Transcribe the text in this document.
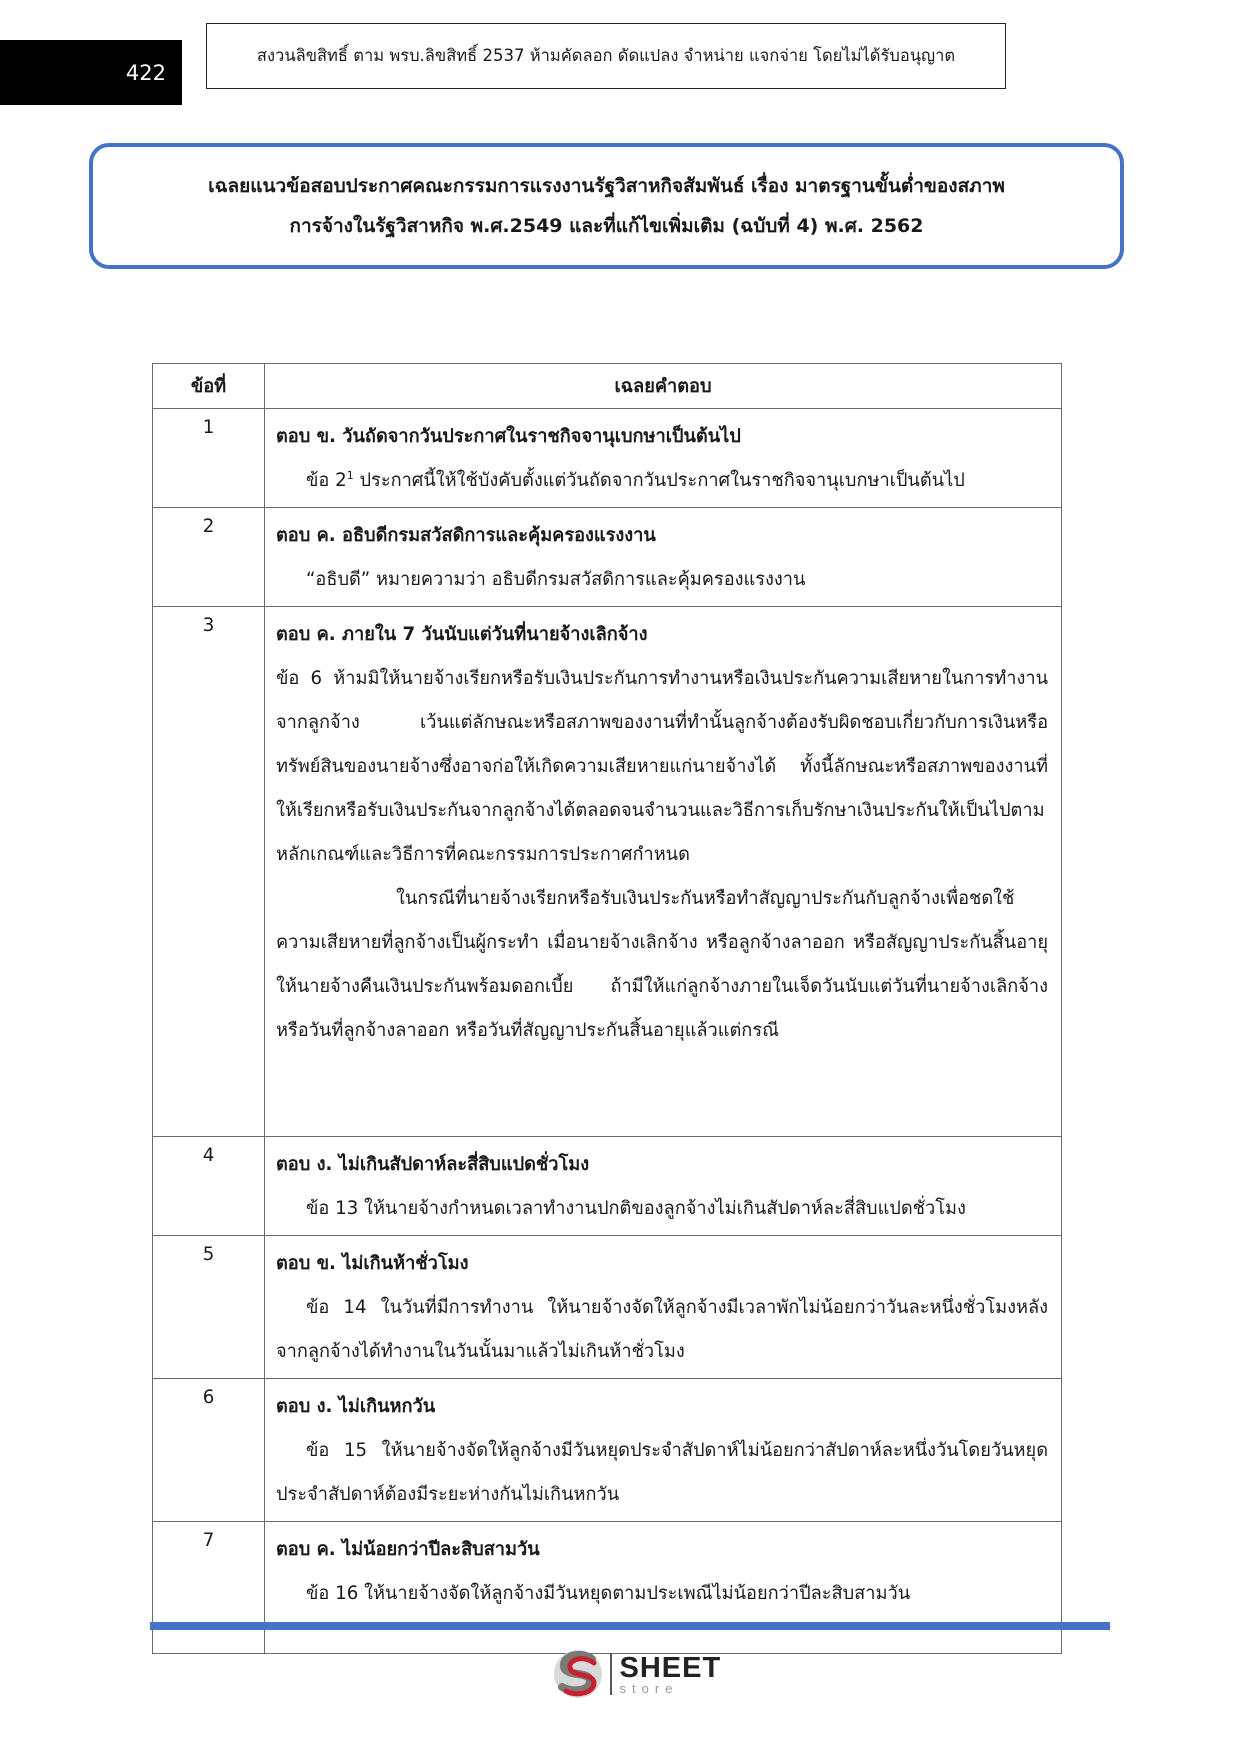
422
สงวนลิขสิทธิ์ ตาม พรบ.ลิขสิทธิ์ 2537 ห้ามคัดลอก ดัดแปลง จำหน่าย แจกจ่าย โดยไม่ได้รับอนุญาต
เฉลยแนวข้อสอบประกาศคณะกรรมการแรงงานรัฐวิสาหกิจสัมพันธ์ เรื่อง มาตรฐานขั้นต่ำของสภาพ
การจ้างในรัฐวิสาหกิจ พ.ศ.2549 และที่แก้ไขเพิ่มเติม (ฉบับที่ 4) พ.ศ. 2562
ข้อที่	เฉลยคำตอบ
1	ตอบ ข. วันถัดจากวันประกาศในราชกิจจานุเบกษาเป็นต้นไป
ข้อ $2^1$ ประกาศนี้ให้ใช้บังคับตั้งแต่วันถัดจากวันประกาศในราชกิจจานุเบกษาเป็นต้นไป

2	ตอบ ค. อธิบดีกรมสวัสดิการและคุ้มครองแรงงาน
“อธิบดี” หมายความว่า อธิบดีกรมสวัสดิการและคุ้มครองแรงงาน

3	ตอบ ค. ภายใน 7 วันนับแต่วันที่นายจ้างเลิกจ้าง
ข้อ 6 ห้ามมิให้นายจ้างเรียกหรือรับเงินประกันการทำงานหรือเงินประกันความเสียหายในการทำงานจากลูกจ้าง เว้นแต่ลักษณะหรือสภาพของงานที่ทำนั้นลูกจ้างต้องรับผิดชอบเกี่ยวกับการเงินหรือทรัพย์สินของนายจ้างซึ่งอาจก่อให้เกิดความเสียหายแก่นายจ้างได้ ทั้งนี้ลักษณะหรือสภาพของงานที่ให้เรียกหรือรับเงินประกันจากลูกจ้างได้ตลอดจนจำนวนและวิธีการเก็บรักษาเงินประกันให้เป็นไปตามหลักเกณฑ์และวิธีการที่คณะกรรมการประกาศกำหนด
ในกรณีที่นายจ้างเรียกหรือรับเงินประกันหรือทำสัญญาประกันกับลูกจ้างเพื่อชดใช้ความเสียหายที่ลูกจ้างเป็นผู้กระทำ เมื่อนายจ้างเลิกจ้าง หรือลูกจ้างลาออก หรือสัญญาประกันสิ้นอายุ ให้นายจ้างคืนเงินประกันพร้อมดอกเบี้ย ถ้ามีให้แก่ลูกจ้างภายในเจ็ดวันนับแต่วันที่นายจ้างเลิกจ้าง หรือวันที่ลูกจ้างลาออก หรือวันที่สัญญาประกันสิ้นอายุแล้วแต่กรณี

4	ตอบ ง. ไม่เกินสัปดาห์ละสี่สิบแปดชั่วโมง
ข้อ 13 ให้นายจ้างกำหนดเวลาทำงานปกติของลูกจ้างไม่เกินสัปดาห์ละสี่สิบแปดชั่วโมง

5	ตอบ ข. ไม่เกินห้าชั่วโมง
ข้อ 14 ในวันที่มีการทำงาน ให้นายจ้างจัดให้ลูกจ้างมีเวลาพักไม่น้อยกว่าวันละหนึ่งชั่วโมงหลังจากลูกจ้างได้ทำงานในวันนั้นมาแล้วไม่เกินห้าชั่วโมง

6	ตอบ ง. ไม่เกินหกวัน
ข้อ 15 ให้นายจ้างจัดให้ลูกจ้างมีวันหยุดประจำสัปดาห์ไม่น้อยกว่าสัปดาห์ละหนึ่งวันโดยวันหยุดประจำสัปดาห์ต้องมีระยะห่างกันไม่เกินหกวัน

7	ตอบ ค. ไม่น้อยกว่าปีละสิบสามวัน
ข้อ 16 ให้นายจ้างจัดให้ลูกจ้างมีวันหยุดตามประเพณีไม่น้อยกว่าปีละสิบสามวัน
SHEET
store
